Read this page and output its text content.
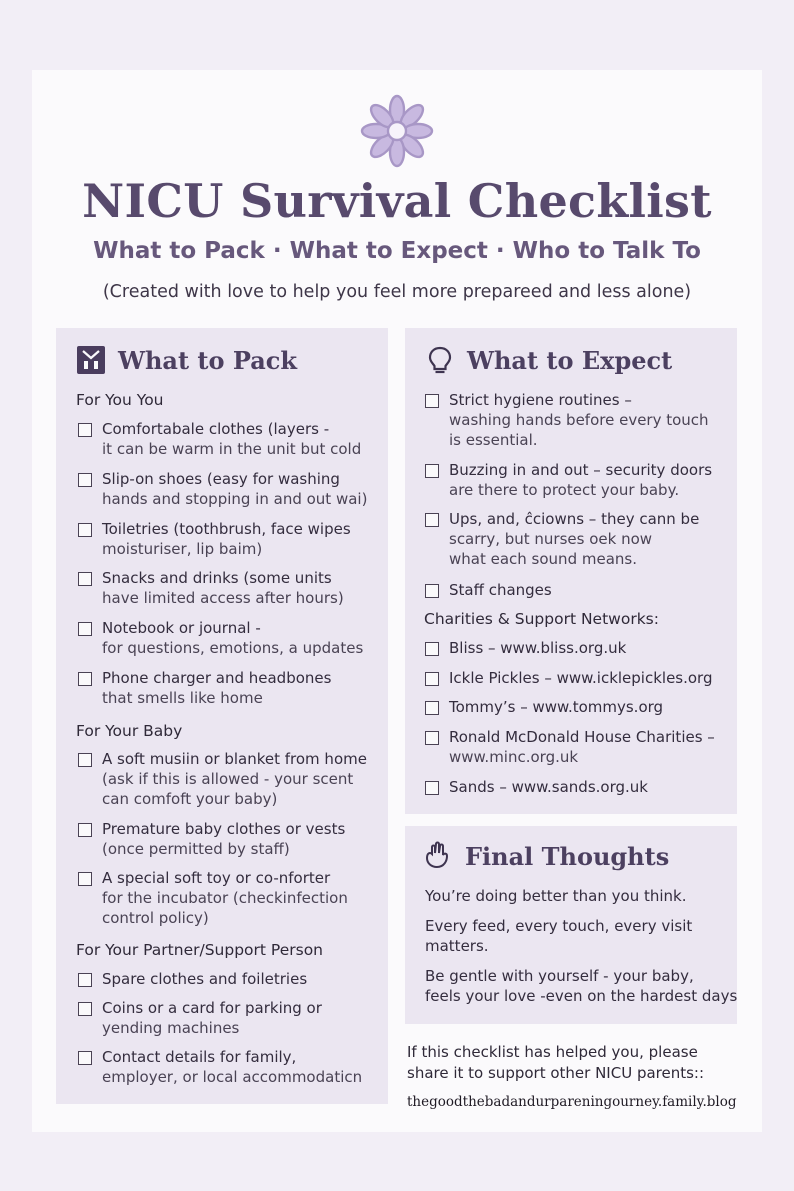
NICU Survival Checklist
What to Pack · What to Expect · Who to Talk To
(Created with love to help you feel more prepareed and less alone)
What to Pack
For You You
Comfortabale clothes (layers -
it can be warm in the unit but cold
Slip-on shoes (easy for washing
hands and stopping in and out wai)
Toiletries (toothbrush, face wipes
moisturiser, lip baim)
Snacks and drinks (some units
have limited access after hours)
Notebook or journal -
for questions, emotions, a updates
Phone charger and headbones
that smells like home
For Your Baby
A soft musiin or blanket from home
(ask if this is allowed - your scent
can comfoft your baby)
Premature baby clothes or vests
(once permitted by staff)
A special soft toy or co-nforter
for the incubator (checkinfection
control policy)
For Your Partner/Support Person
Spare clothes and foiletries
Coins or a card for parking or
yending machines
Contact details for family,
employer, or local accommodaticn
What to Expect
Strict hygiene routines –
washing hands before every touch
is essential.
Buzzing in and out – security doors
are there to protect your baby.
Ups, and, ĉciowns – they cann be
scarry, but nurses oek now
what each sound means.
Staff changes
Charities & Support Networks:
Bliss – www.bliss.org.uk
Ickle Pickles – www.icklepickles.org
Tommy’s – www.tommys.org
Ronald McDonald House Charities –
www.minc.org.uk
Sands – www.sands.org.uk
Final Thoughts
You’re doing better than you think.
Every feed, every touch, every visit
matters.
Be gentle with yourself - your baby,
feels your love -even on the hardest days
If this checklist has helped you, please
share it to support other NICU parents::
thegoodthebadandurpareningourney.family.blog
